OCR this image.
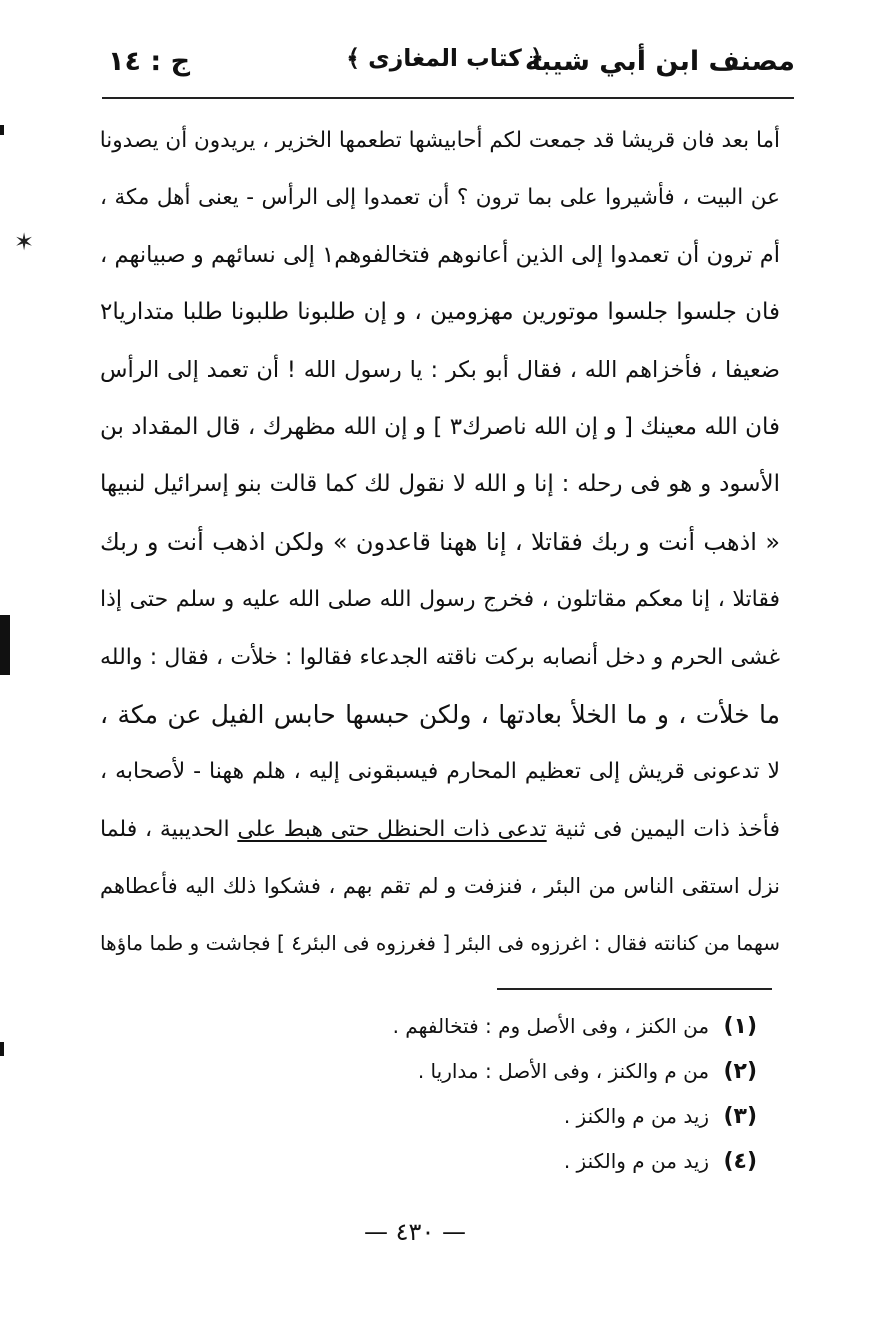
مصنف ابن أبي شيبة
﴿ كتاب المغازى ﴾
ج : ١٤
أما بعد فان قريشا قد جمعت لكم أحابيشها تطعمها الخزير ، يريدون أن يصدونا
عن البيت ، فأشيروا على بما ترون ؟ أن تعمدوا إلى الرأس - يعنى أهل مكة ،
أم ترون أن تعمدوا إلى الذين أعانوهم فتخالفوهم١ إلى نسائهم و صبيانهم ،
فان جلسوا جلسوا موتورين مهزومين ، و إن طلبونا طلبونا طلبا متداريا٢
ضعيفا ، فأخزاهم الله ، فقال أبو بكر : يا رسول الله ! أن تعمد إلى الرأس
فان الله معينك [ و إن الله ناصرك٣ ] و إن الله مظهرك ، قال المقداد بن
الأسود و هو فى رحله : إنا و الله لا نقول لك كما قالت بنو إسرائيل لنبيها
« اذهب أنت و ربك فقاتلا ، إنا ههنا قاعدون » ولكن اذهب أنت و ربك
فقاتلا ، إنا معكم مقاتلون ، فخرج رسول الله صلى الله عليه و سلم حتى إذا
غشى الحرم و دخل أنصابه بركت ناقته الجدعاء فقالوا : خلأت ، فقال : والله
ما خلأت ، و ما الخلأ بعادتها ، ولكن حبسها حابس الفيل عن مكة ،
لا تدعونى قريش إلى تعظيم المحارم فيسبقونى إليه ، هلم ههنا - لأصحابه ،
فأخذ ذات اليمين فى ثنية تدعى ذات الحنظل حتى هبط على الحديبية ، فلما
نزل استقى الناس من البئر ، فنزفت و لم تقم بهم ، فشكوا ذلك اليه فأعطاهم
سهما من كنانته فقال : اغرزوه فى البئر [ فغرزوه فى البئر٤ ] فجاشت و طما ماؤها
(١) من الكنز ، وفى الأصل وم : فتخالفهم .
(٢) من م والكنز ، وفى الأصل : مداريا .
(٣) زيد من م والكنز .
(٤) زيد من م والكنز .
— ٤٣٠ —
✶
